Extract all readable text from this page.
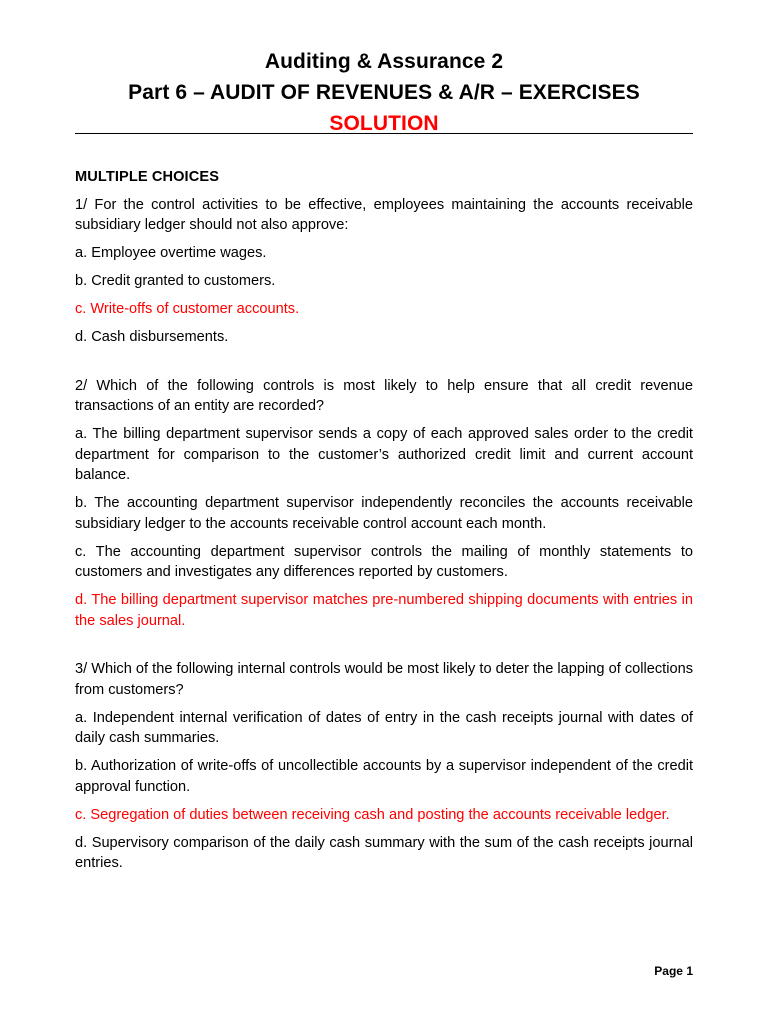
Auditing & Assurance 2
Part 6 – AUDIT OF REVENUES & A/R – EXERCISES
SOLUTION
MULTIPLE CHOICES
1/ For the control activities to be effective, employees maintaining the accounts receivable subsidiary ledger should not also approve:
a. Employee overtime wages.
b. Credit granted to customers.
c. Write-offs of customer accounts.
d. Cash disbursements.
2/ Which of the following controls is most likely to help ensure that all credit revenue transactions of an entity are recorded?
a. The billing department supervisor sends a copy of each approved sales order to the credit department for comparison to the customer’s authorized credit limit and current account balance.
b. The accounting department supervisor independently reconciles the accounts receivable subsidiary ledger to the accounts receivable control account each month.
c. The accounting department supervisor controls the mailing of monthly statements to customers and investigates any differences reported by customers.
d. The billing department supervisor matches pre-numbered shipping documents with entries in the sales journal.
3/ Which of the following internal controls would be most likely to deter the lapping of collections from customers?
a. Independent internal verification of dates of entry in the cash receipts journal with dates of daily cash summaries.
b. Authorization of write-offs of uncollectible accounts by a supervisor independent of the credit approval function.
c. Segregation of duties between receiving cash and posting the accounts receivable ledger.
d. Supervisory comparison of the daily cash summary with the sum of the cash receipts journal entries.
Page 1
